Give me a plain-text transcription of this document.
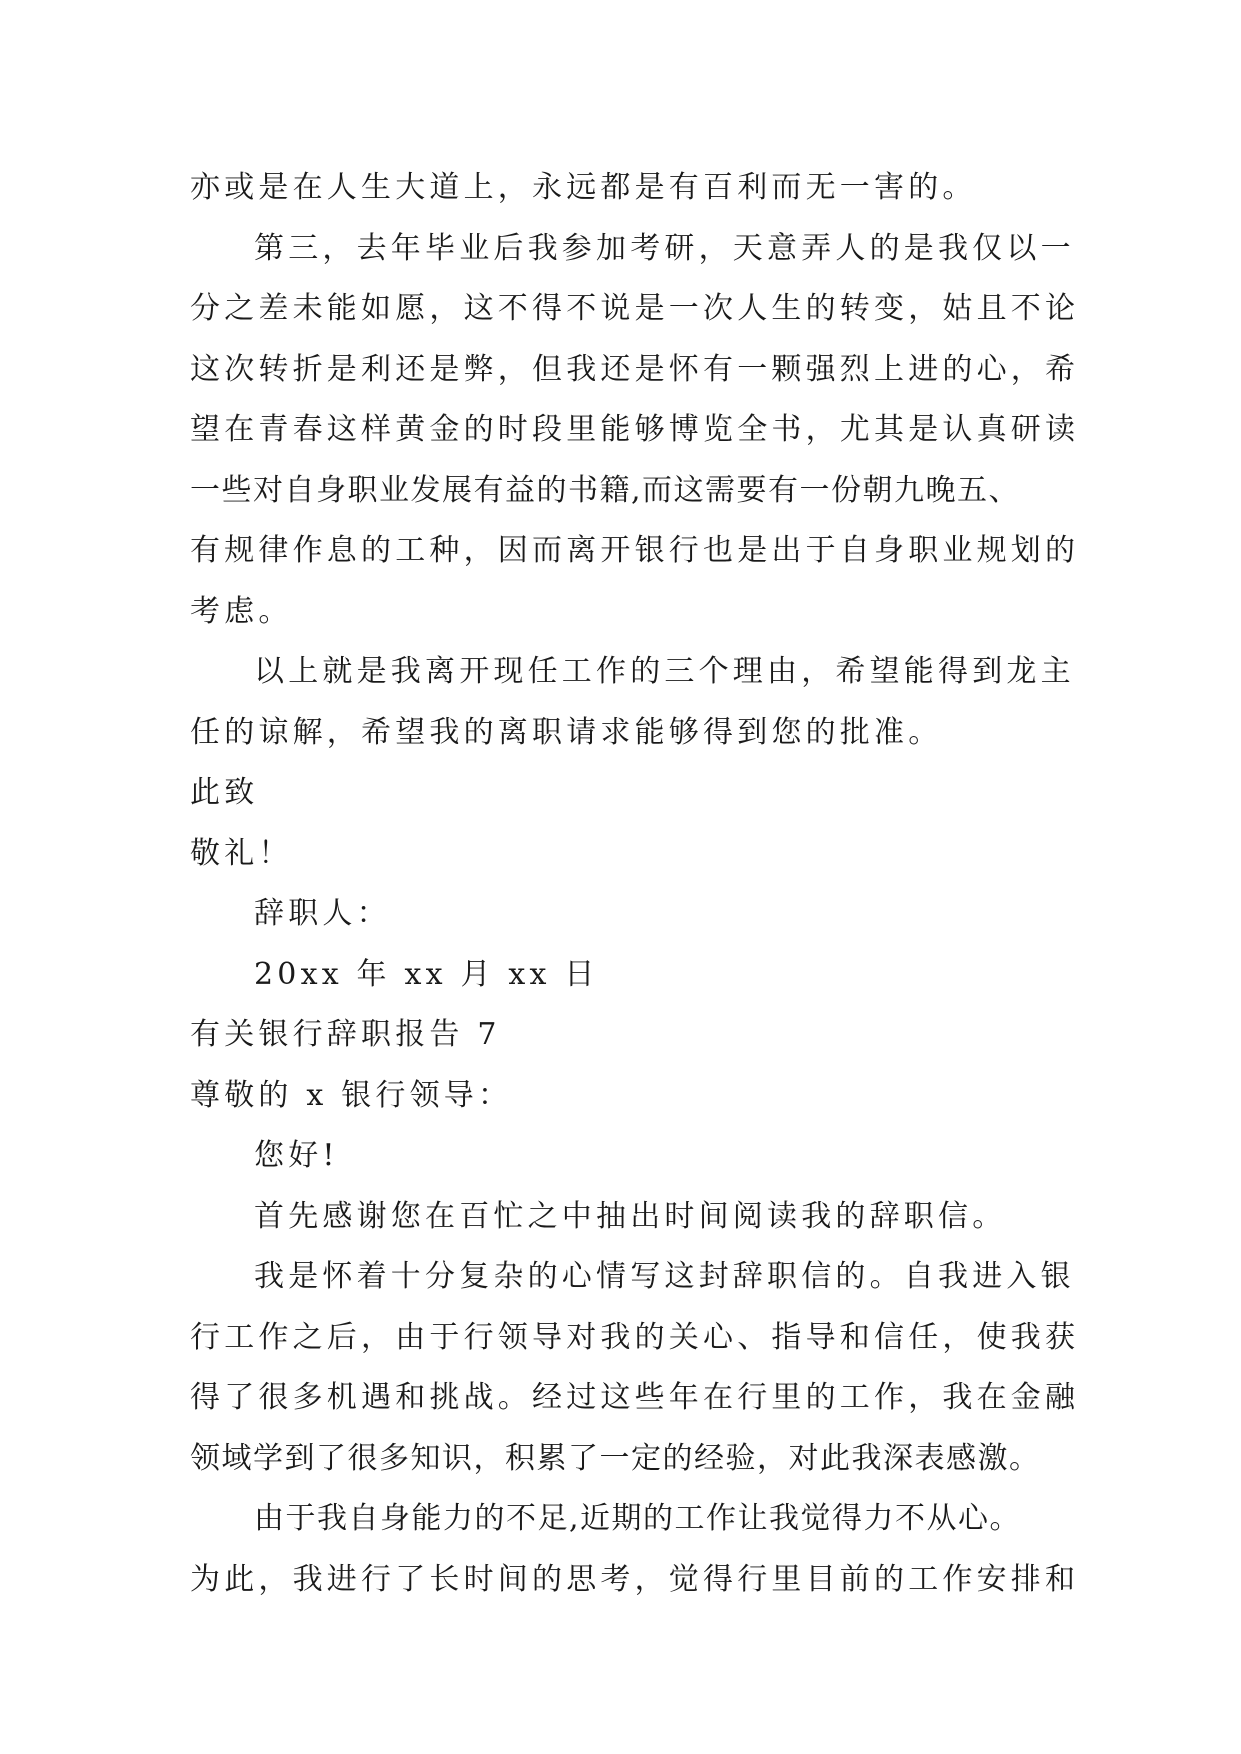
亦或是在人生大道上，永远都是有百利而无一害的。
第三，去年毕业后我参加考研，天意弄人的是我仅以一
分之差未能如愿，这不得不说是一次人生的转变，姑且不论
这次转折是利还是弊，但我还是怀有一颗强烈上进的心，希
望在青春这样黄金的时段里能够博览全书，尤其是认真研读
一些对自身职业发展有益的书籍,而这需要有一份朝九晚五、
有规律作息的工种，因而离开银行也是出于自身职业规划的
考虑。
以上就是我离开现任工作的三个理由，希望能得到龙主
任的谅解，希望我的离职请求能够得到您的批准。
此致
敬礼！
辞职人：
20xx 年 xx 月 xx 日
有关银行辞职报告 7
尊敬的 x 银行领导：
您好!
首先感谢您在百忙之中抽出时间阅读我的辞职信。
我是怀着十分复杂的心情写这封辞职信的。自我进入银
行工作之后，由于行领导对我的关心、指导和信任，使我获
得了很多机遇和挑战。经过这些年在行里的工作，我在金融
领域学到了很多知识，积累了一定的经验，对此我深表感激。
由于我自身能力的不足,近期的工作让我觉得力不从心。
为此，我进行了长时间的思考，觉得行里目前的工作安排和
